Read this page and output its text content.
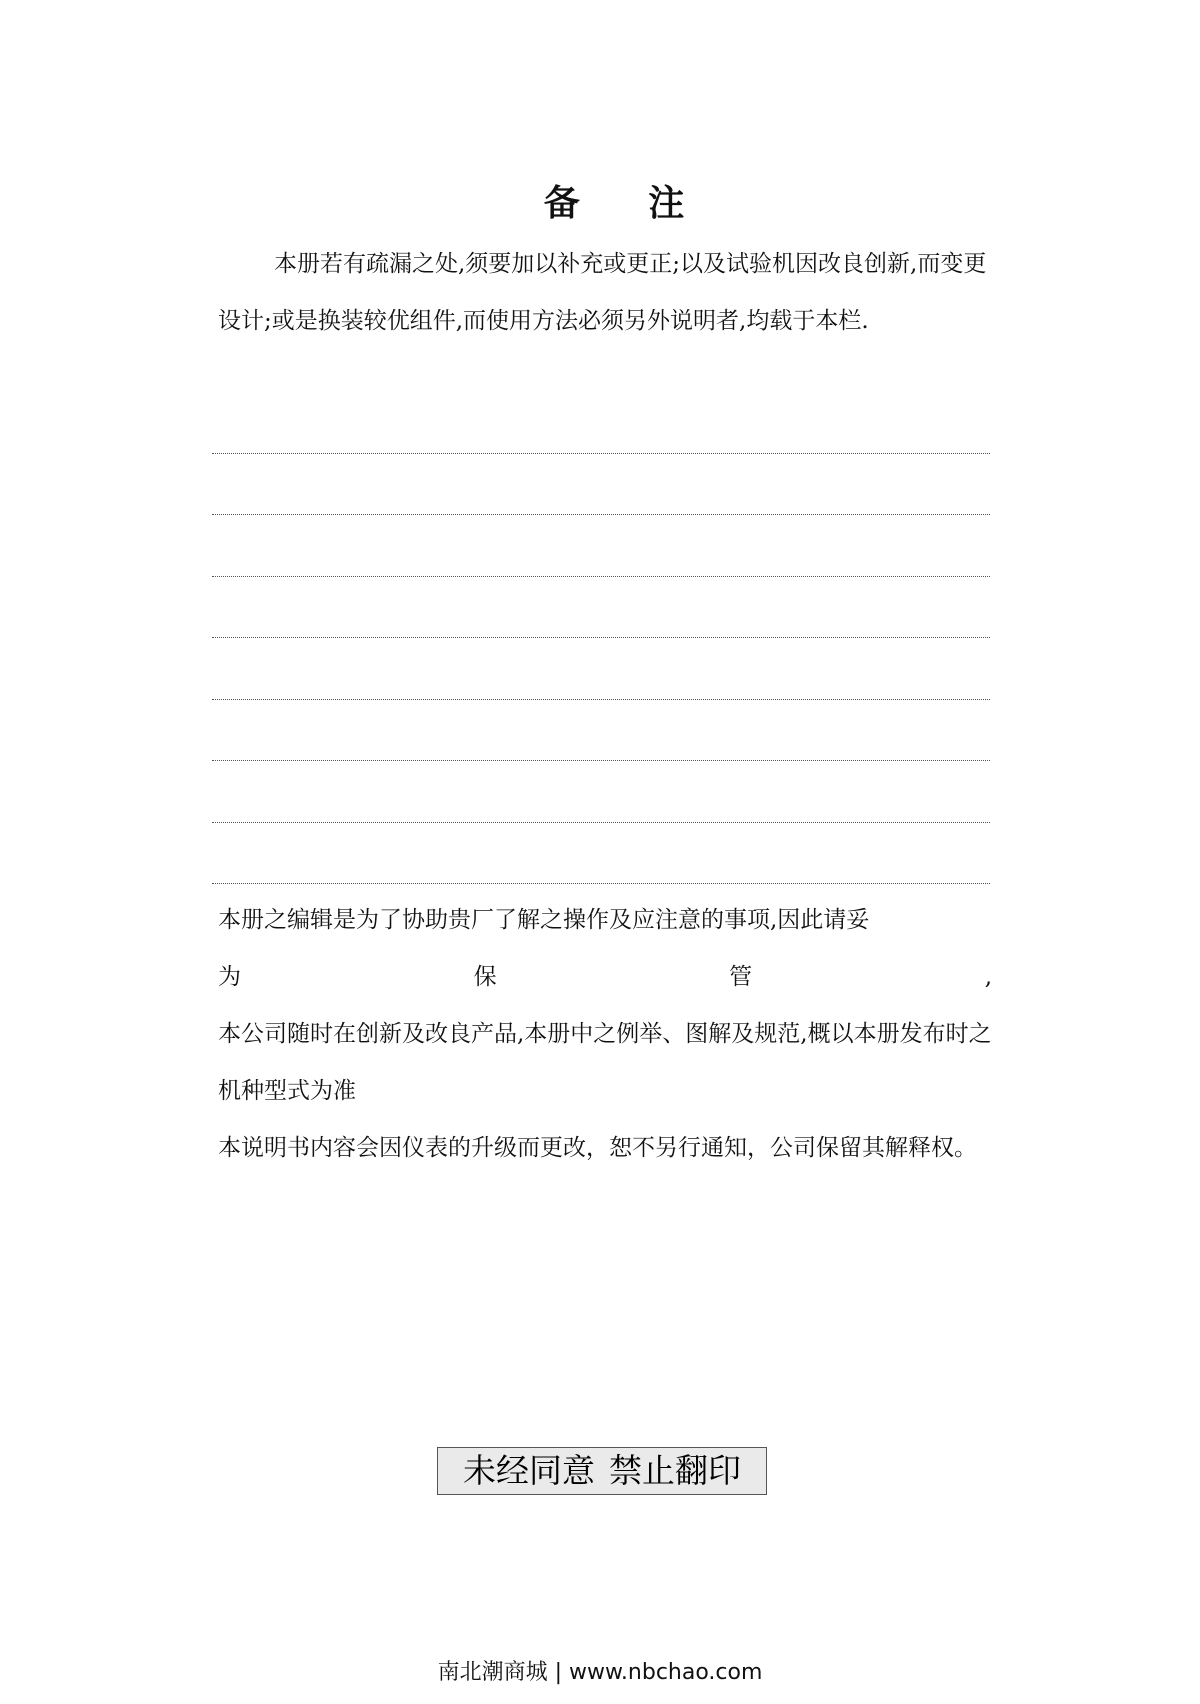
备 注

本册若有疏漏之处,须要加以补充或更正;以及试验机因改良创新,而变更设计;或是换装较优组件,而使用方法必须另外说明者,均载于本栏.

本册之编辑是为了协助贵厂了解之操作及应注意的事项,因此请妥
为	保	管	,
本公司随时在创新及改良产品,本册中之例举、图解及规范,概以本册发布时之机种型式为准
本说明书内容会因仪表的升级而更改，恕不另行通知，公司保留其解释权。
未经同意 禁止翻印
南北潮商城 | www.nbchao.com
